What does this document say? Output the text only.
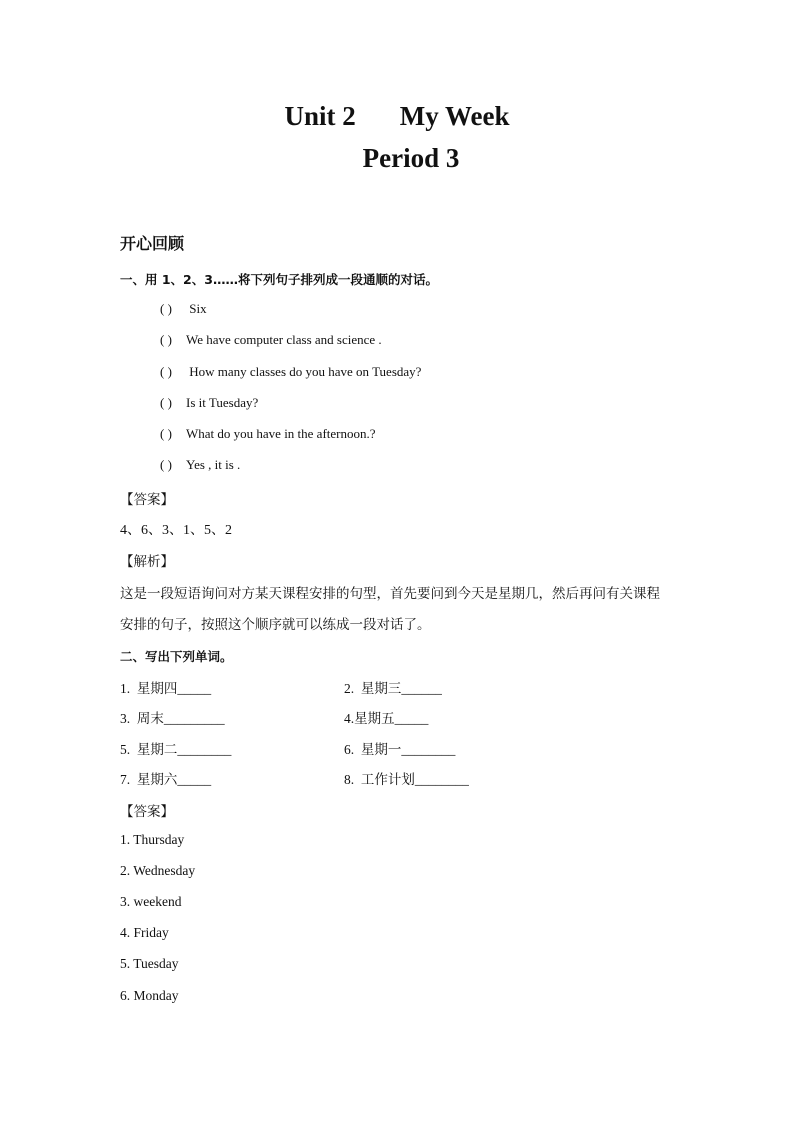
Unit 2 My Week
Period 3
开心回顾
一、用 1、2、3……将下列句子排列成一段通顺的对话。
( ) Six
( ) We have computer class and science .
( ) How many classes do you have on Tuesday?
( ) Is it Tuesday?
( ) What do you have in the afternoon.?
( ) Yes , it is .
【答案】
4、6、3、1、5、2
【解析】
这是一段短语询问对方某天课程安排的句型，首先要问到今天是星期几，然后再问有关课程
安排的句子，按照这个顺序就可以练成一段对话了。
二、写出下列单词。
1. 星期四_____	2. 星期三______
3. 周末_________	4.星期五_____
5. 星期二________	6. 星期一________
7. 星期六_____	8. 工作计划________
【答案】
1. Thursday
2. Wednesday
3. weekend
4. Friday
5. Tuesday
6. Monday
